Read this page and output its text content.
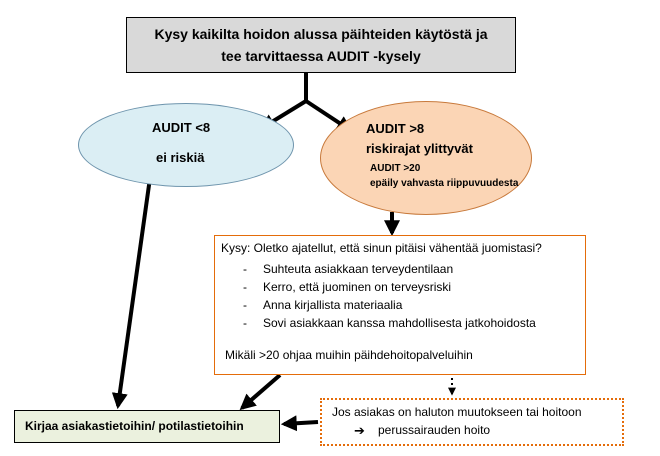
Kysy kaikilta hoidon alussa päihteiden käytöstä ja
tee tarvittaessa AUDIT -kysely
AUDIT <8
ei riskiä
AUDIT >8
riskirajat ylittyvät
AUDIT >20
epäily vahvasta riippuvuudesta
Kysy: Oletko ajatellut, että sinun pitäisi vähentää juomistasi?
- Suhteuta asiakkaan terveydentilaan
- Kerro, että juominen on terveysriski
- Anna kirjallista materiaalia
- Sovi asiakkaan kanssa mahdollisesta jatkohoidosta
Mikäli >20 ohjaa muihin päihdehoitopalveluihin
Kirjaa asiakastietoihin/ potilastietoihin
Jos asiakas on haluton muutokseen tai hoitoon
➔ perussairauden hoito
